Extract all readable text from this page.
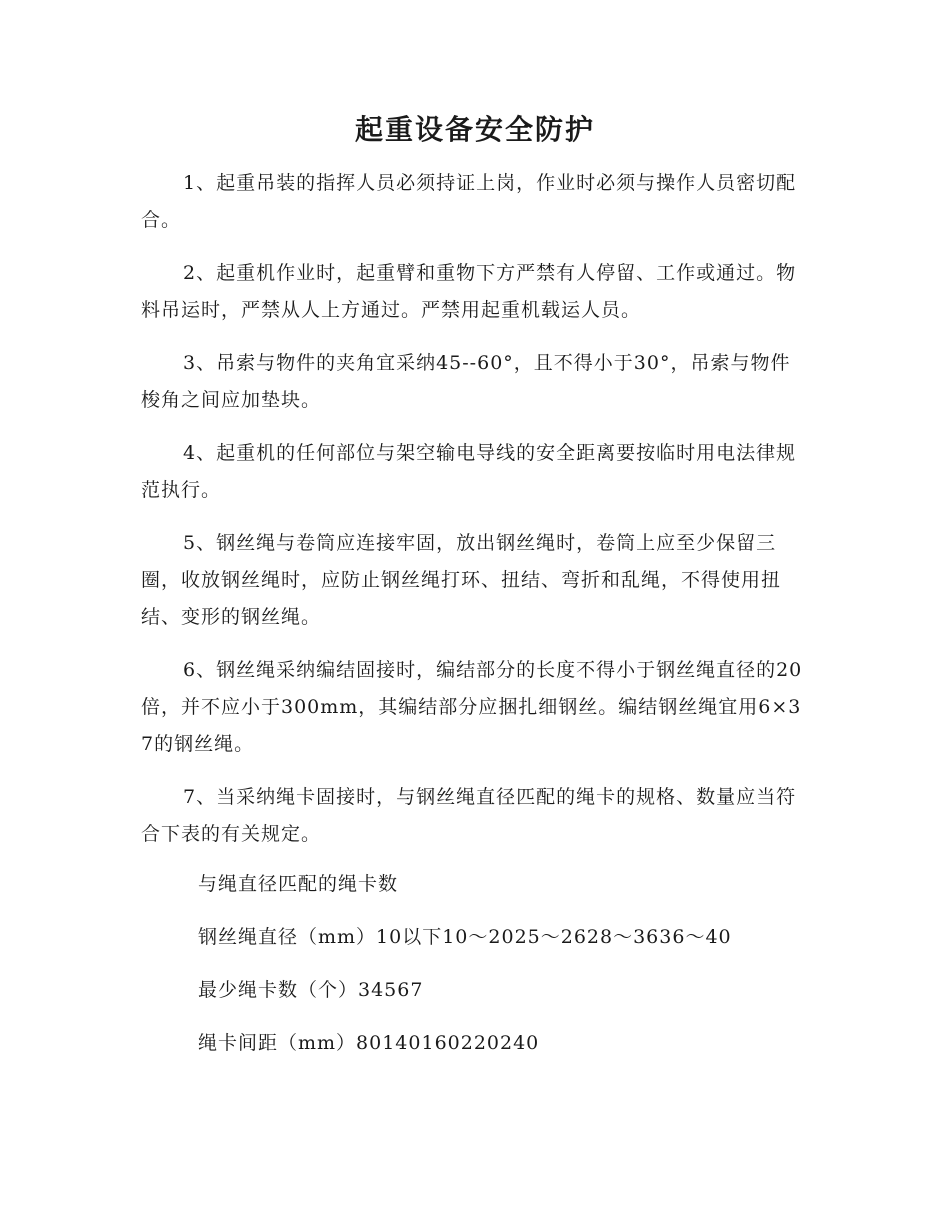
起重设备安全防护

1、起重吊装的指挥人员必须持证上岗，作业时必须与操作人员密切配合。

2、起重机作业时，起重臂和重物下方严禁有人停留、工作或通过。物料吊运时，严禁从人上方通过。严禁用起重机载运人员。

3、吊索与物件的夹角宜采纳45--60°，且不得小于30°，吊索与物件梭角之间应加垫块。

4、起重机的任何部位与架空输电导线的安全距离要按临时用电法律规范执行。

5、钢丝绳与卷筒应连接牢固，放出钢丝绳时，卷筒上应至少保留三圈，收放钢丝绳时，应防止钢丝绳打环、扭结、弯折和乱绳，不得使用扭结、变形的钢丝绳。

6、钢丝绳采纳编结固接时，编结部分的长度不得小于钢丝绳直径的20倍，并不应小于300mm，其编结部分应捆扎细钢丝。编结钢丝绳宜用6×37的钢丝绳。

7、当采纳绳卡固接时，与钢丝绳直径匹配的绳卡的规格、数量应当符合下表的有关规定。

与绳直径匹配的绳卡数
钢丝绳直径（mm）10以下10～2025～2628～3636～40
最少绳卡数（个）34567
绳卡间距（mm）80140160220240
